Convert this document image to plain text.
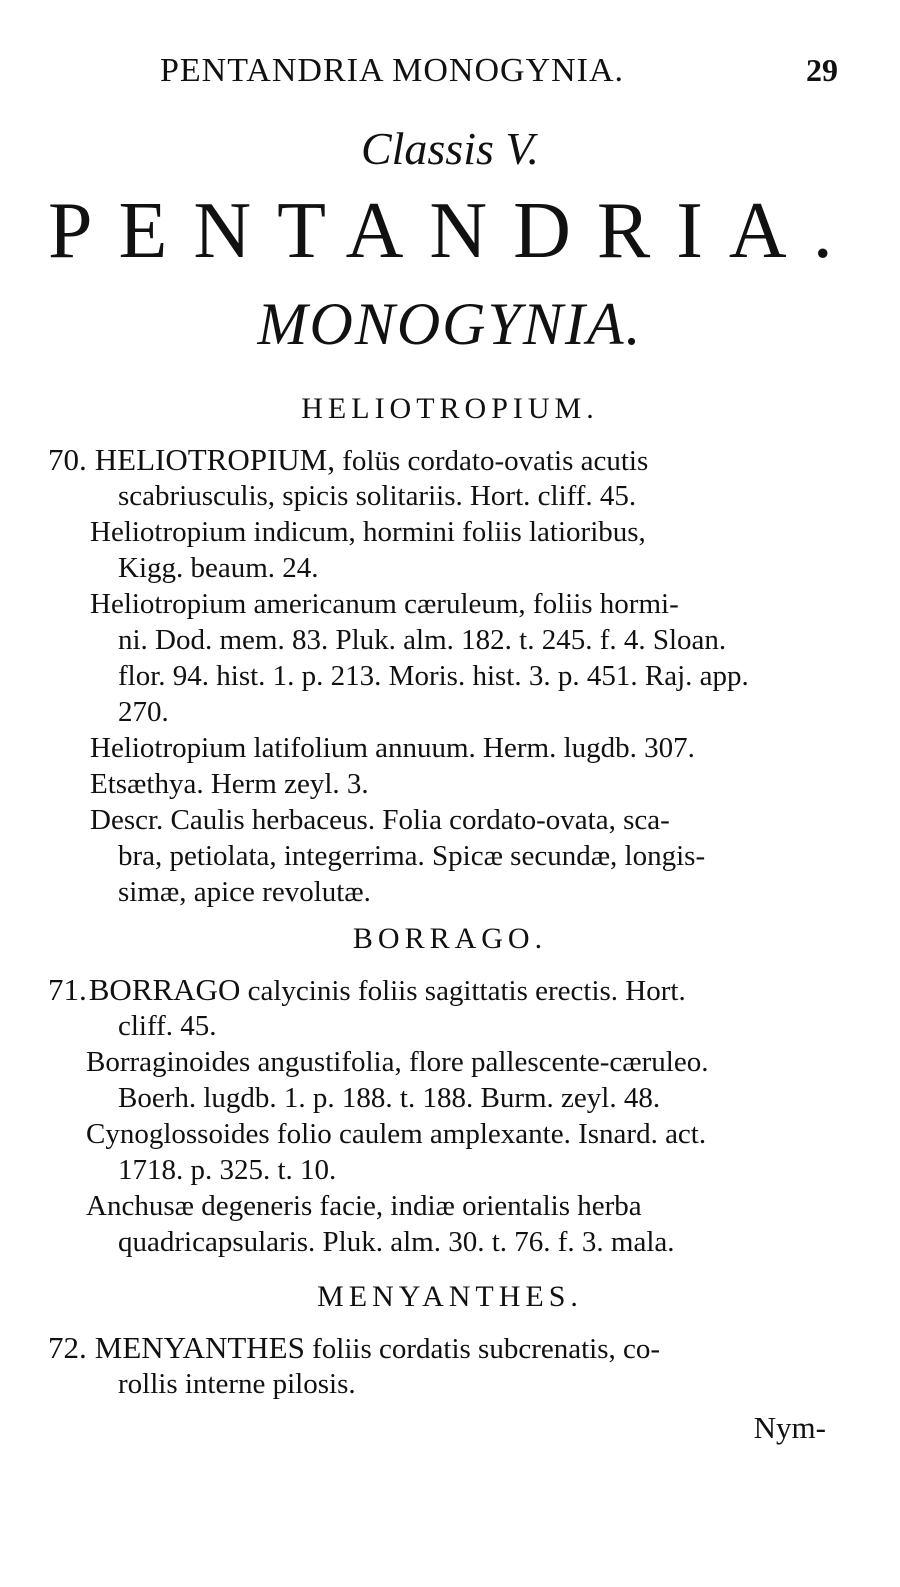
PENTANDRIA MONOGYNIA.	29
Classis V.
PENTANDRIA.
MONOGYNIA.
HELIOTROPIUM.
70. HELIOTROPIUM, folüs cordato-ovatis acutis
scabriusculis, spicis solitariis. Hort. cliff. 45.
Heliotropium indicum, hormini foliis latioribus,
Kigg. beaum. 24.
Heliotropium americanum cæruleum, foliis hormi-
ni. Dod. mem. 83. Pluk. alm. 182. t. 245. f. 4. Sloan.
flor. 94. hist. 1. p. 213. Moris. hist. 3. p. 451. Raj. app.
270.
Heliotropium latifolium annuum. Herm. lugdb. 307.
Etsæthya. Herm zeyl. 3.
Descr. Caulis herbaceus. Folia cordato-ovata, sca-
bra, petiolata, integerrima. Spicæ secundæ, longis-
simæ, apice revolutæ.
BORRAGO.
71.BORRAGO calycinis foliis sagittatis erectis. Hort.
cliff. 45.
Borraginoides angustifolia, flore pallescente-cæruleo.
Boerh. lugdb. 1. p. 188. t. 188. Burm. zeyl. 48.
Cynoglossoides folio caulem amplexante. Isnard. act.
1718. p. 325. t. 10.
Anchusæ degeneris facie, indiæ orientalis herba
quadricapsularis. Pluk. alm. 30. t. 76. f. 3. mala.
MENYANTHES.
72. MENYANTHES foliis cordatis subcrenatis, co-
rollis interne pilosis.
Nym-
